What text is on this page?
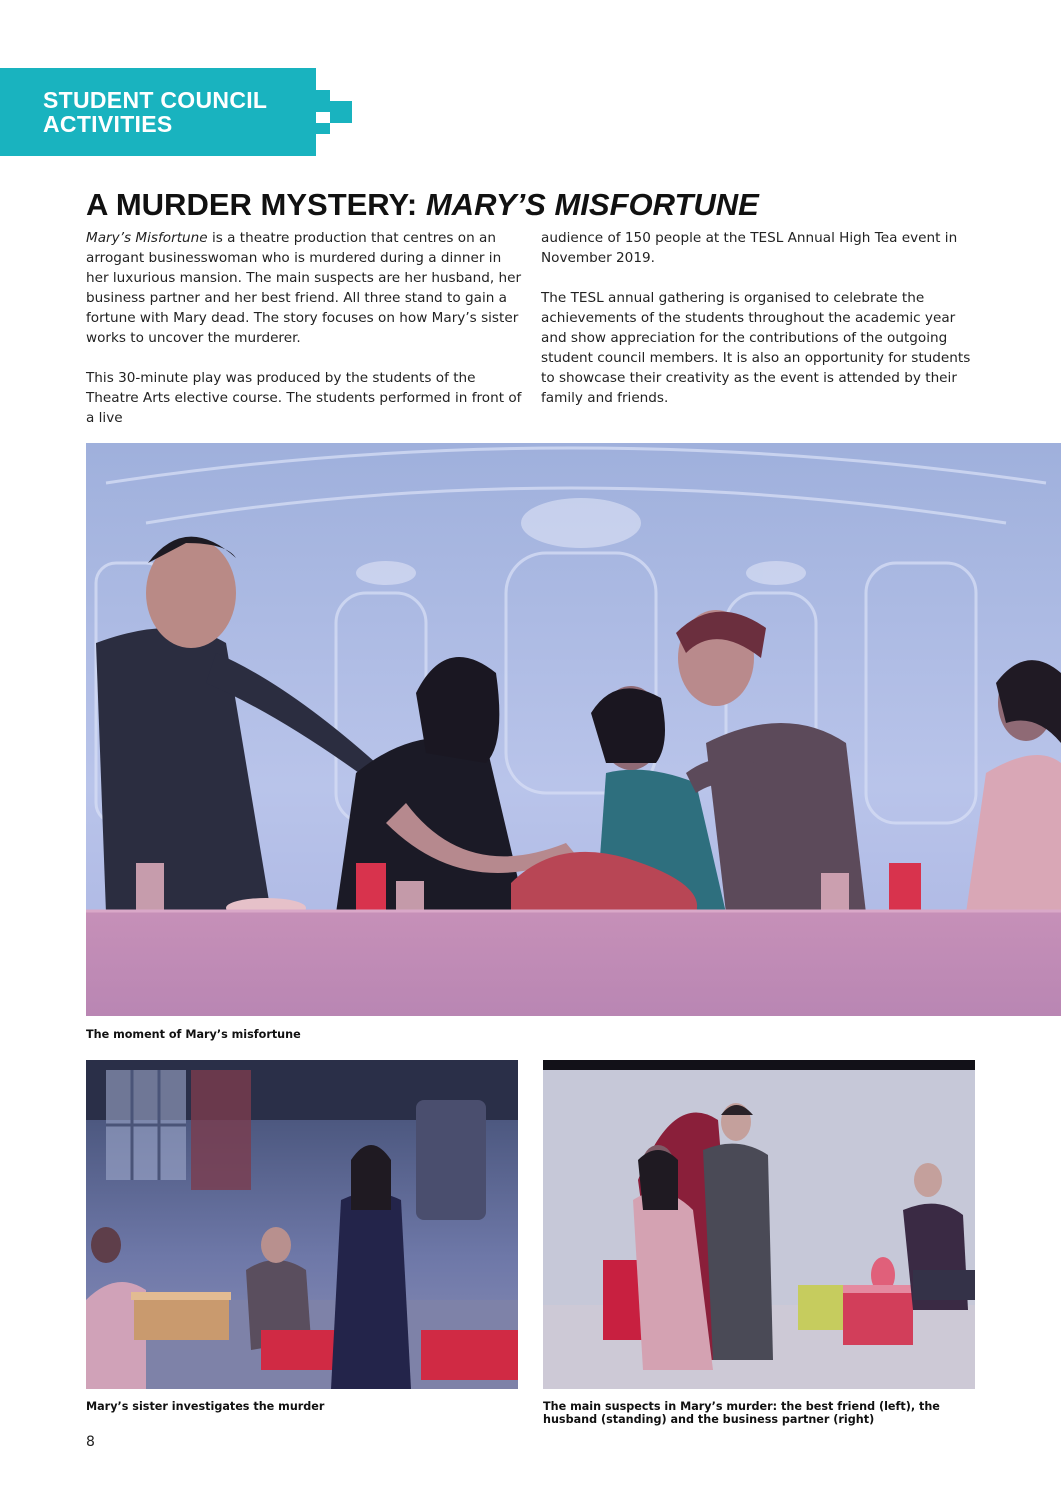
STUDENT COUNCIL
ACTIVITIES
A MURDER MYSTERY: MARY’S MISFORTUNE

Mary’s Misfortune is a theatre production that centres on an arrogant businesswoman who is murdered during a dinner in her luxurious mansion. The main suspects are her husband, her business partner and her best friend. All three stand to gain a fortune with Mary dead. The story focuses on how Mary’s sister works to uncover the murderer.

This 30-minute play was produced by the students of the Theatre Arts elective course. The students performed in front of a live

audience of 150 people at the TESL Annual High Tea event in November 2019.

The TESL annual gathering is organised to celebrate the achievements of the students throughout the academic year and show appreciation for the contributions of the outgoing student council members. It is also an opportunity for students to showcase their creativity as the event is attended by their family and friends.

The moment of Mary’s misfortune
Mary’s sister investigates the murder	The main suspects in Mary’s murder: the best friend (left), the husband (standing) and the business partner (right)
8
